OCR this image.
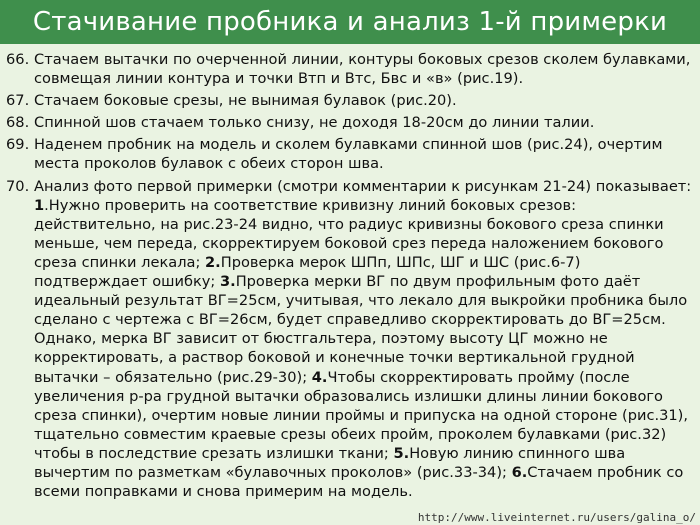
Стачивание пробника и анализ 1-й примерки
66. Стачаем вытачки по очерченной линии, контуры боковых срезов сколем булавками, совмещая линии контура и точки Втп и Втс, Бвс и «в» (рис.19).
67. Стачаем боковые срезы, не вынимая булавок (рис.20).
68. Спинной шов стачаем только снизу, не доходя 18-20см до линии талии.
69. Наденем пробник на модель и сколем булавками спинной шов (рис.24), очертим места проколов булавок с обеих сторон шва.
70. Анализ фото первой примерки (смотри комментарии к рисункам 21-24) показывает: 1.Нужно проверить на соответствие кривизну линий боковых срезов: действительно, на рис.23-24 видно, что радиус кривизны бокового среза спинки меньше, чем переда, скорректируем боковой срез переда наложением бокового среза спинки лекала; 2.Проверка мерок ШПп, ШПс, ШГ и ШС (рис.6-7) подтверждает ошибку; 3.Проверка мерки ВГ по двум профильным фото даёт идеальный результат ВГ=25см, учитывая, что лекало для выкройки пробника было сделано с чертежа с ВГ=26см, будет справедливо скорректировать до ВГ=25см. Однако, мерка ВГ зависит от бюстгальтера, поэтому высоту ЦГ можно не корректировать, а раствор боковой и конечные точки вертикальной грудной вытачки – обязательно (рис.29-30); 4.Чтобы скорректировать пройму (после увеличения р-ра грудной вытачки образовались излишки длины линии бокового среза спинки), очертим новые линии проймы и припуска на одной стороне (рис.31), тщательно совместим краевые срезы обеих пройм, проколем булавками (рис.32) чтобы в последствие срезать излишки ткани; 5.Новую линию спинного шва вычертим по разметкам «булавочных проколов» (рис.33-34); 6.Стачаем пробник со всеми поправками и снова примерим на модель.
http://www.liveinternet.ru/users/galina_o/
